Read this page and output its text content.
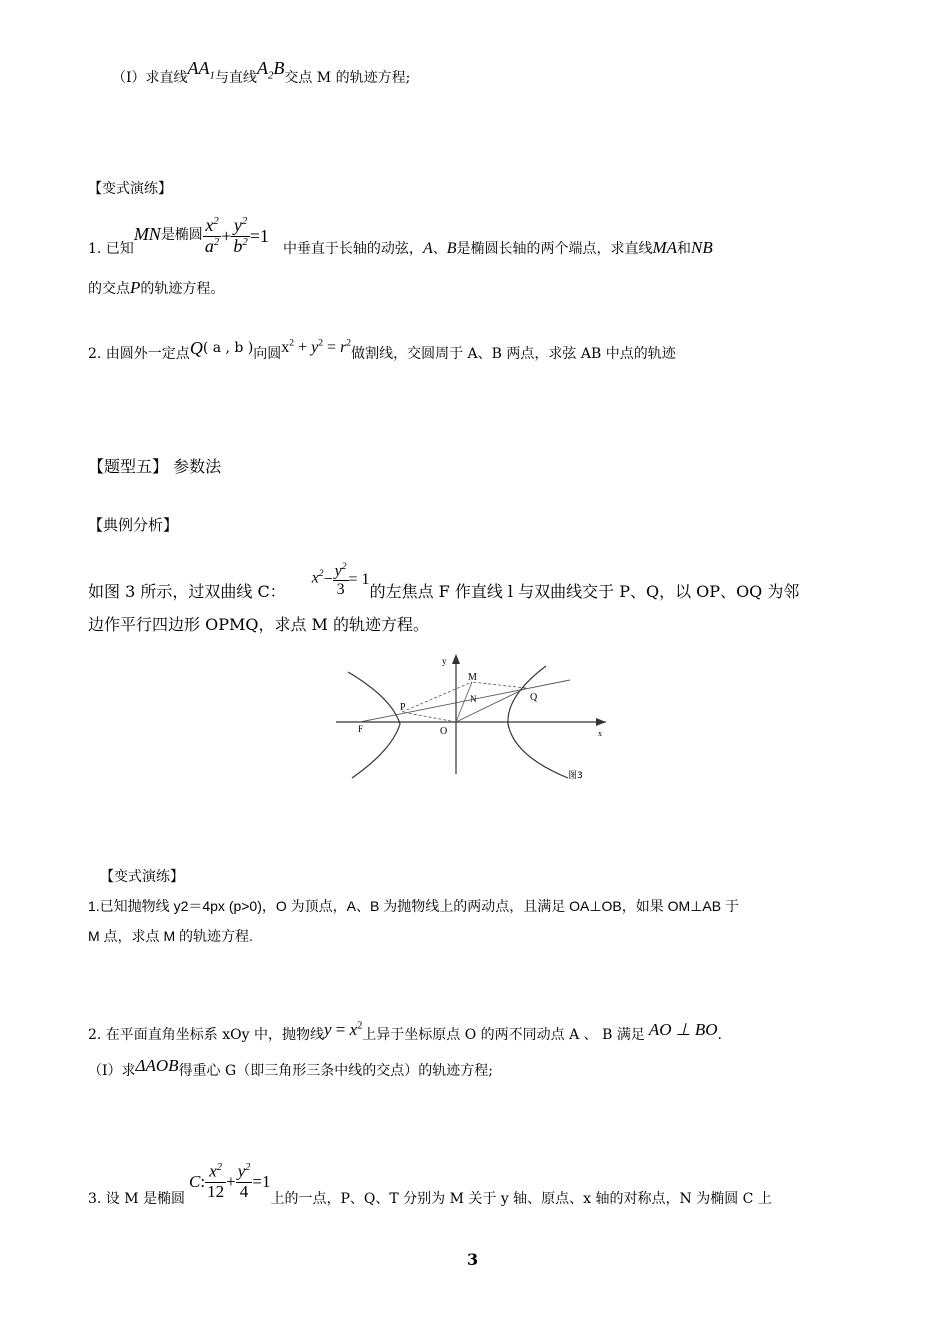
（I）求直线$AA_1$与直线$A_2B$交点 M 的轨迹方程;
【变式演练】
1. 已知
MN 是椭圆 $\frac{x^2}{a^2} + \frac{y^2}{b^2} =1$
中垂直于长轴的动弦，A、B是椭圆长轴的两个端点，求直线MA和NB
的交点P的轨迹方程。
2. 由圆外一定点Q( a , b )向圆$x^2 + y^2 = r^2$做割线，交圆周于 A、B 两点，求弦 AB 中点的轨迹
【题型五】 参数法
【典例分析】
如图 3 所示，过双曲线 C：
$x^2 - \frac{y^2}{3} = 1$
的左焦点 F 作直线 l 与双曲线交于 P、Q，以 OP、OQ 为邻
边作平行四边形 OPMQ，求点 M 的轨迹方程。
y
M
N
P
Q
F	O	x
图3
【变式演练】
1.已知抛物线 y2＝4px (p>0)，O 为顶点，A、B 为抛物线上的两动点，且满足 OA⊥OB，如果 OM⊥AB 于
M 点，求点 M 的轨迹方程.
2. 在平面直角坐标系 xOy 中，抛物线$y = x^2$上异于坐标原点 O 的两不同动点 A 、 B 满足 AO ⊥ BO.
（I）求ΔAOB得重心 G（即三角形三条中线的交点）的轨迹方程;
3. 设 M 是椭圆
C : $\frac{x^2}{12} + \frac{y^2}{4} =1$
上的一点，P、Q、T 分别为 M 关于 y 轴、原点、x 轴的对称点，N 为椭圆 C 上
3
